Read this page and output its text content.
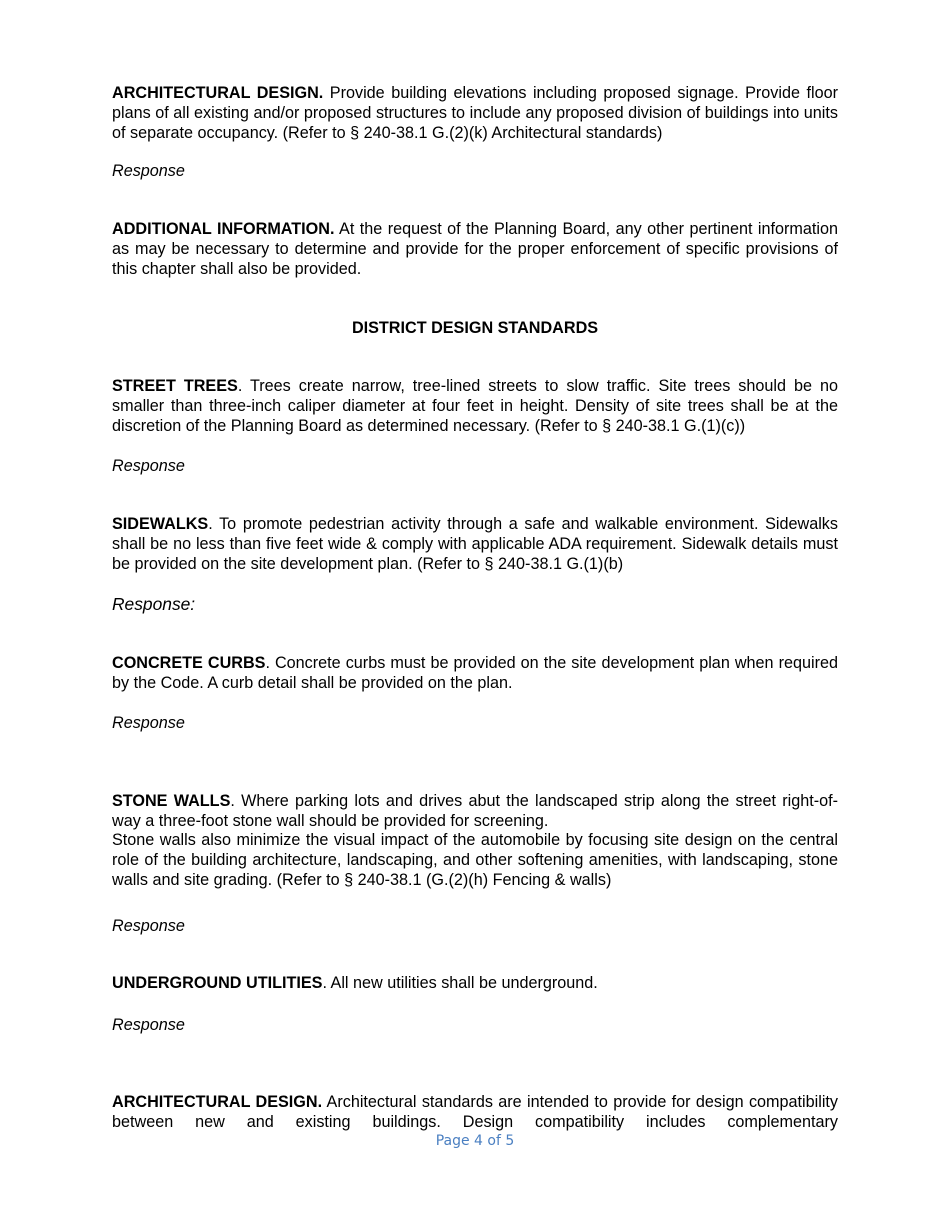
ARCHITECTURAL DESIGN. Provide building elevations including proposed signage. Provide floor plans of all existing and/or proposed structures to include any proposed division of buildings into units of separate occupancy. (Refer to § 240-38.1 G.(2)(k) Architectural standards)

Response

ADDITIONAL INFORMATION. At the request of the Planning Board, any other pertinent information as may be necessary to determine and provide for the proper enforcement of specific provisions of this chapter shall also be provided.

DISTRICT DESIGN STANDARDS

STREET TREES. Trees create narrow, tree-lined streets to slow traffic. Site trees should be no smaller than three-inch caliper diameter at four feet in height. Density of site trees shall be at the discretion of the Planning Board as determined necessary. (Refer to § 240-38.1 G.(1)(c))

Response

SIDEWALKS. To promote pedestrian activity through a safe and walkable environment. Sidewalks shall be no less than five feet wide & comply with applicable ADA requirement. Sidewalk details must be provided on the site development plan. (Refer to § 240-38.1 G.(1)(b)

Response:

CONCRETE CURBS. Concrete curbs must be provided on the site development plan when required by the Code. A curb detail shall be provided on the plan.

Response

STONE WALLS. Where parking lots and drives abut the landscaped strip along the street right-of-way a three-foot stone wall should be provided for screening.

Stone walls also minimize the visual impact of the automobile by focusing site design on the central role of the building architecture, landscaping, and other softening amenities, with landscaping, stone walls and site grading. (Refer to § 240-38.1 (G.(2)(h) Fencing & walls)

Response

UNDERGROUND UTILITIES. All new utilities shall be underground.

Response

ARCHITECTURAL DESIGN. Architectural standards are intended to provide for design compatibility between new and existing buildings. Design compatibility includes complementary

Page 4 of 5
